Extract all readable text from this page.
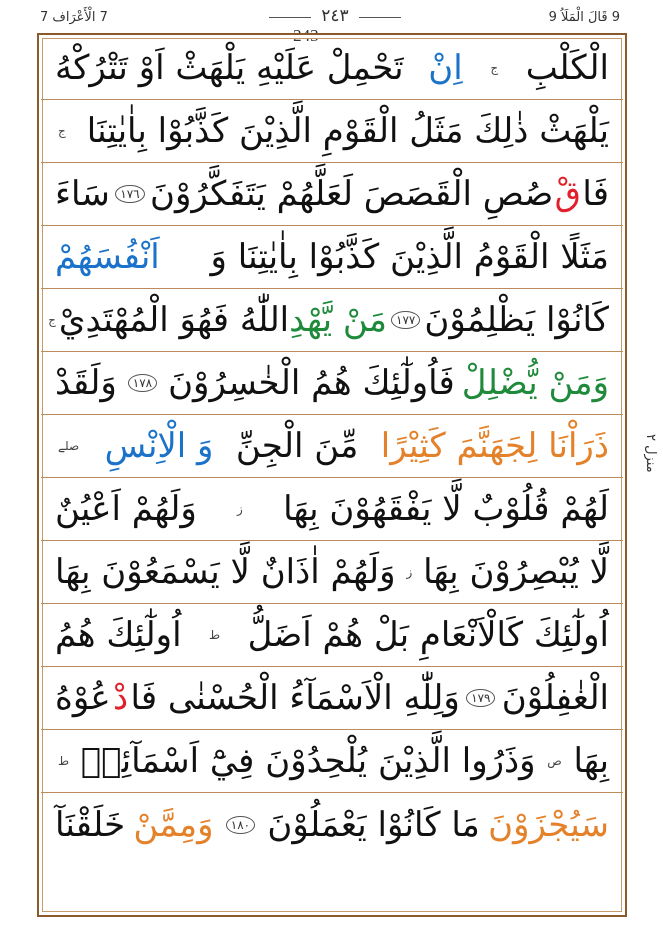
7 الْأَعْرَاف 7	٢٤٣  243
9 قَالَ الْمَلَاُ 9
منزل ٢
الْكَلْبِ
ج
اِنْ
تَحْمِلْ عَلَيْهِ يَلْهَثْ اَوْ تَتْرُكْهُ
يَلْهَثْ ذٰلِكَ مَثَلُ الْقَوْمِ الَّذِيْنَ كَذَّبُوْا بِاٰيٰتِنَا
ج
فَا
قْ
صُصِ الْقَصَصَ لَعَلَّهُمْ يَتَفَكَّرُوْنَ
١٧٦
سَاءَ
مَثَلًا الْقَوْمُ الَّذِيْنَ كَذَّبُوْا بِاٰيٰتِنَا وَ
اَنْفُسَهُمْ
كَانُوْا يَظْلِمُوْنَ
١٧٧
مَنْ يَّهْدِ
اللّٰهُ فَهُوَ الْمُهْتَدِيْ
ج
وَمَنْ يُّضْلِلْ
فَاُولٰٓئِكَ هُمُ الْخٰسِرُوْنَ
١٧٨
وَلَقَدْ
ذَرَاْنَا لِجَهَنَّمَ كَثِيْرًا
مِّنَ الْجِنِّ
وَ الْاِنْسِ
صلے
لَهُمْ قُلُوْبٌ لَّا يَفْقَهُوْنَ بِهَا
ز
وَلَهُمْ اَعْيُنٌ
لَّا يُبْصِرُوْنَ بِهَا
ز
وَلَهُمْ اٰذَانٌ لَّا يَسْمَعُوْنَ بِهَا
اُولٰٓئِكَ كَالْاَنْعَامِ بَلْ هُمْ اَضَلُّ
ط
اُولٰٓئِكَ هُمُ
الْغٰفِلُوْنَ
١٧٩
وَلِلّٰهِ الْاَسْمَآءُ الْحُسْنٰى فَا
دْ
عُوْهُ
بِهَا
ص
وَذَرُوا الَّذِيْنَ يُلْحِدُوْنَ فِيْٓ اَسْمَآئِهٖ
ط
سَيُجْزَوْنَ
مَا كَانُوْا يَعْمَلُوْنَ
١٨٠
وَمِمَّنْ
خَلَقْنَآ
